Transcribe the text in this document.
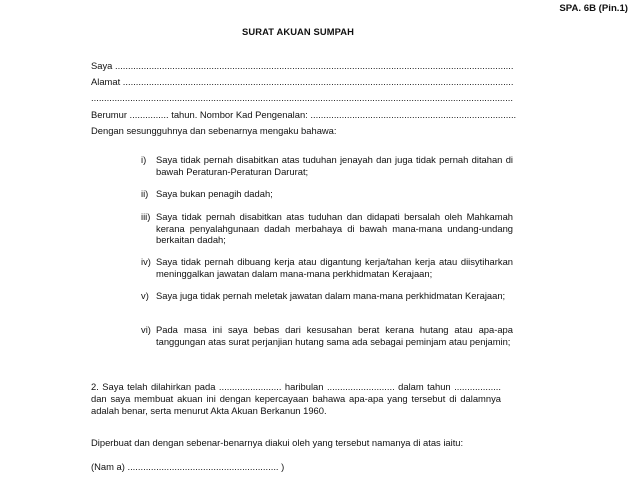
SPA. 6B (Pin.1)
SURAT AKUAN SUMPAH
Saya .........................................................................................................................................................
Alamat ......................................................................................................................................................
..................................................................................................................................................................
Berumur ............... tahun. Nombor Kad Pengenalan: ...............................................................................
Dengan sesungguhnya dan sebenarnya mengaku bahawa:
i)	Saya tidak pernah disabitkan atas tuduhan jenayah dan juga tidak pernah ditahan di bawah Peraturan-Peraturan Darurat;
ii) Saya bukan penagih dadah;
iii) Saya tidak pernah disabitkan atas tuduhan dan didapati bersalah oleh Mahkamah kerana penyalahgunaan dadah merbahaya di bawah mana-mana undang-undang berkaitan dadah;
iv) Saya tidak pernah dibuang kerja atau digantung kerja/tahan kerja atau diisytiharkan meninggalkan jawatan dalam mana-mana perkhidmatan Kerajaan;
v) Saya juga tidak pernah meletak jawatan dalam mana-mana perkhidmatan Kerajaan;
vi) Pada masa ini saya bebas dari kesusahan berat kerana hutang atau apa-apa tanggungan atas surat perjanjian hutang sama ada sebagai peminjam atau penjamin;
2. Saya telah dilahirkan pada ........................ haribulan .......................... dalam tahun .................. dan saya membuat akuan ini dengan kepercayaan bahawa apa-apa yang tersebut di dalamnya adalah benar, serta menurut Akta Akuan Berkanun 1960.
Diperbuat dan dengan sebenar-benarnya diakui oleh yang tersebut namanya di atas iaitu:
(Nam a) .......................................................... )
